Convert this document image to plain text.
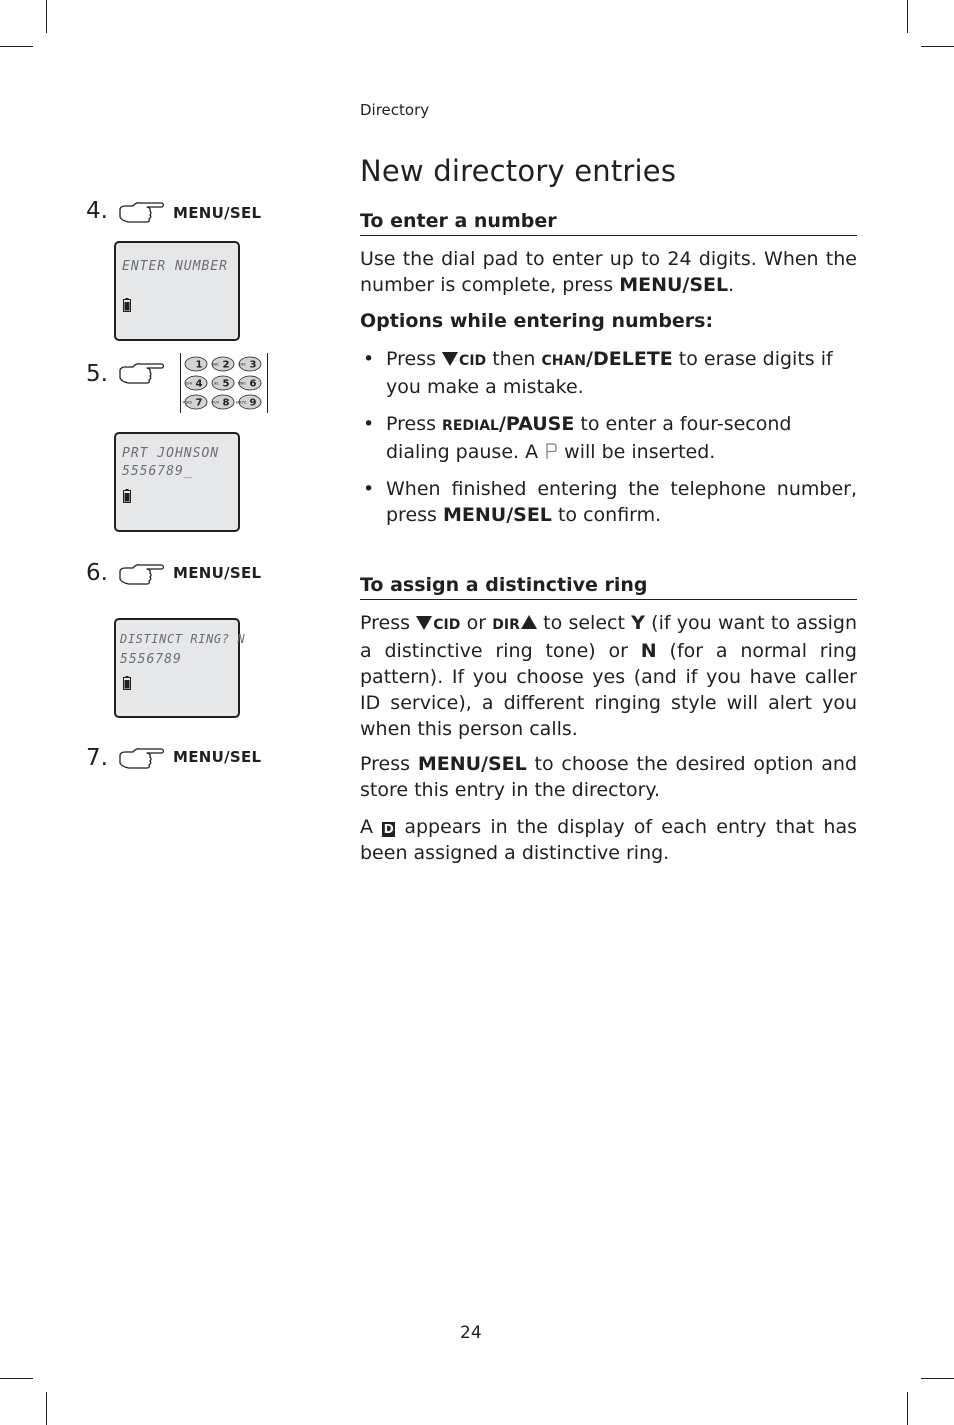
Directory
New directory entries
To enter a number

Use the dial pad to enter up to 24 digits. When the number is complete, press MENU/SEL.

Options while entering numbers:

• Press CID then CHAN/DELETE to erase digits if you make a mistake.
• Press REDIAL/PAUSE to enter a four-second dialing pause. A  will be inserted.
• When finished entering the telephone number, press MENU/SEL to confirm.
To assign a distinctive ring

Press CID or DIR to select Y (if you want to assign a distinctive ring tone) or N (for a normal ring pattern). If you choose yes (and if you have caller ID service), a different ringing style will alert you when this person calls.

Press MENU/SEL to choose the desired option and store this entry in the directory.

A D appears in the display of each entry that has been assigned a distinctive ring.

4.	MENU/SEL
ENTER NUMBER
5.	1	ABC 2	DEF 3
GHI 4	JKL 5 MNO 6
PQRS 7	TUV 8 WXYZ 9
PRT JOHNSON
5556789_
6.	MENU/SEL
DISTINCT RING? N
5556789
7.	MENU/SEL
24
